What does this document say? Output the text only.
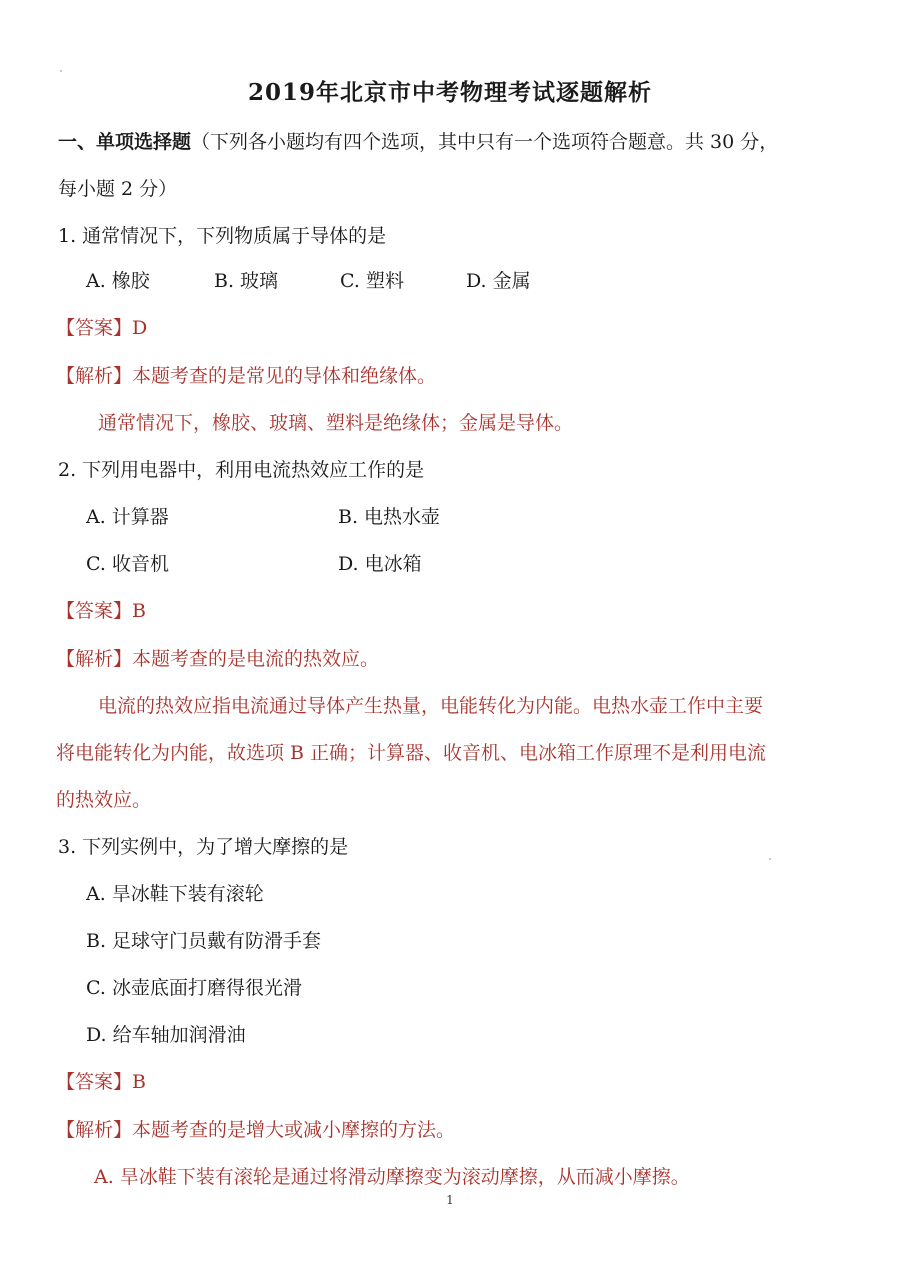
2019年北京市中考物理考试逐题解析
一、单项选择题（下列各小题均有四个选项，其中只有一个选项符合题意。共 30 分，
每小题 2 分）
1. 通常情况下，下列物质属于导体的是
A. 橡胶	B. 玻璃	C. 塑料	D. 金属
【答案】D
【解析】本题考查的是常见的导体和绝缘体。
通常情况下，橡胶、玻璃、塑料是绝缘体；金属是导体。
2. 下列用电器中，利用电流热效应工作的是
A. 计算器	B. 电热水壶
C. 收音机	D. 电冰箱
【答案】B
【解析】本题考查的是电流的热效应。
电流的热效应指电流通过导体产生热量，电能转化为内能。电热水壶工作中主要
将电能转化为内能，故选项 B 正确；计算器、收音机、电冰箱工作原理不是利用电流
的热效应。
3. 下列实例中，为了增大摩擦的是
A. 旱冰鞋下装有滚轮
B. 足球守门员戴有防滑手套
C. 冰壶底面打磨得很光滑
D. 给车轴加润滑油
【答案】B
【解析】本题考查的是增大或减小摩擦的方法。
A. 旱冰鞋下装有滚轮是通过将滑动摩擦变为滚动摩擦，从而减小摩擦。
1
